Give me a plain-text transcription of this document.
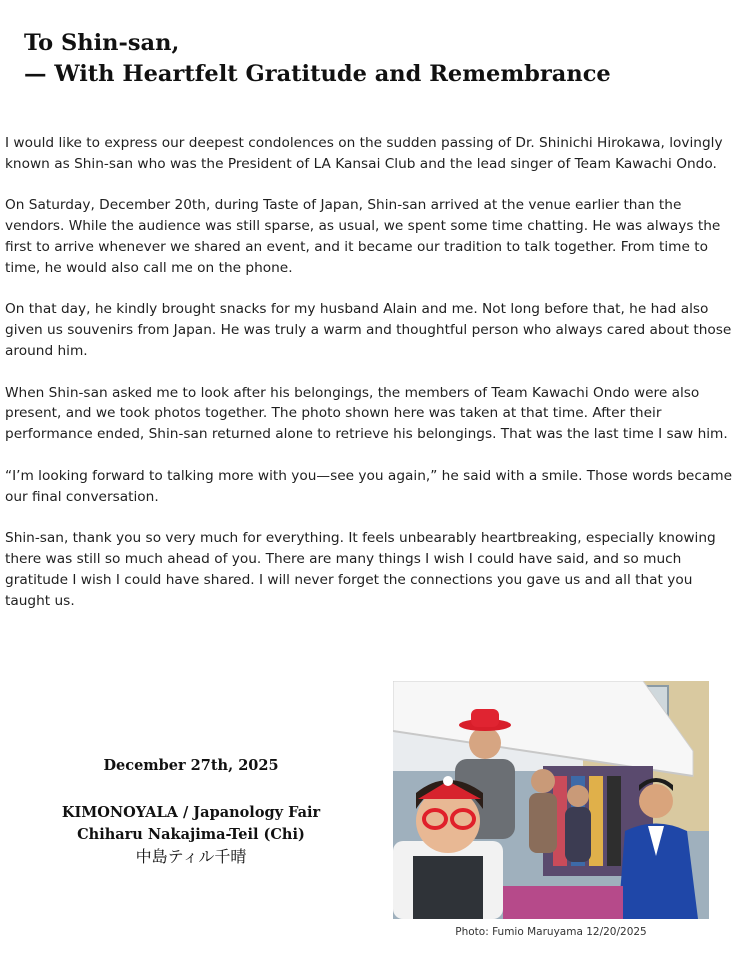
To Shin-san,
— With Heartfelt Gratitude and Remembrance

I would like to express our deepest condolences on the sudden passing of Dr. Shinichi Hirokawa, lovingly known as Shin-san who was the President of LA Kansai Club and the lead singer of Team Kawachi Ondo.

On Saturday, December 20th, during Taste of Japan, Shin-san arrived at the venue earlier than the vendors. While the audience was still sparse, as usual, we spent some time chatting. He was always the first to arrive whenever we shared an event, and it became our tradition to talk together. From time to time, he would also call me on the phone.

On that day, he kindly brought snacks for my husband Alain and me. Not long before that, he had also given us souvenirs from Japan. He was truly a warm and thoughtful person who always cared about those around him.

When Shin-san asked me to look after his belongings, the members of Team Kawachi Ondo were also present, and we took photos together. The photo shown here was taken at that time. After their performance ended, Shin-san returned alone to retrieve his belongings. That was the last time I saw him.

“I’m looking forward to talking more with you—see you again,” he said with a smile. Those words became our final conversation.

Shin-san, thank you so very much for everything. It feels unbearably heartbreaking, especially knowing there was still so much ahead of you. There are many things I wish I could have said, and so much gratitude I wish I could have shared. I will never forget the connections you gave us and all that you taught us.

December 27th, 2025
KIMONOYALA / Japanology Fair
Chiharu Nakajima-Teil (Chi)
中島ティル千晴
Photo: Fumio Maruyama 12/20/2025
